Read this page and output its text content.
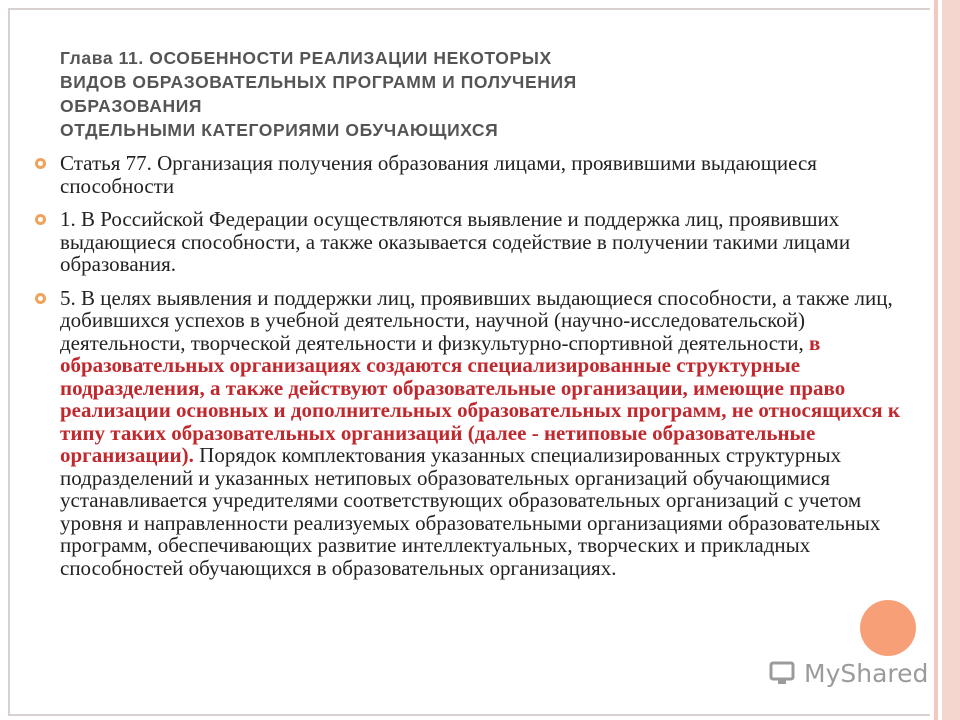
Глава 11. ОСОБЕННОСТИ РЕАЛИЗАЦИИ НЕКОТОРЫХ
ВИДОВ ОБРАЗОВАТЕЛЬНЫХ ПРОГРАММ И ПОЛУЧЕНИЯ
ОБРАЗОВАНИЯ
ОТДЕЛЬНЫМИ КАТЕГОРИЯМИ ОБУЧАЮЩИХСЯ
Статья 77. Организация получения образования лицами, проявившими выдающиеся способности
1. В Российской Федерации осуществляются выявление и поддержка лиц, проявивших выдающиеся способности, а также оказывается содействие в получении такими лицами образования.
5. В целях выявления и поддержки лиц, проявивших выдающиеся способности, а также лиц, добившихся успехов в учебной деятельности, научной (научно-исследовательской) деятельности, творческой деятельности и физкультурно-спортивной деятельности, в образовательных организациях создаются специализированные структурные подразделения, а также действуют образовательные организации, имеющие право реализации основных и дополнительных образовательных программ, не относящихся к типу таких образовательных организаций (далее - нетиповые образовательные организации). Порядок комплектования указанных специализированных структурных подразделений и указанных нетиповых образовательных организаций обучающимися устанавливается учредителями соответствующих образовательных организаций с учетом уровня и направленности реализуемых образовательными организациями образовательных программ, обеспечивающих развитие интеллектуальных, творческих и прикладных способностей обучающихся в образовательных организациях.
MyShared
